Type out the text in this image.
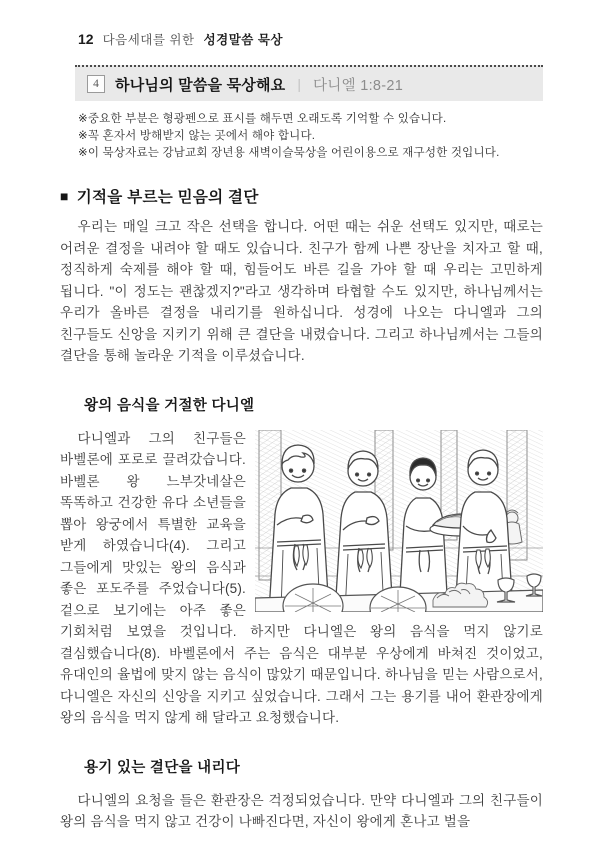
12 다음세대를 위한 성경말씀 묵상
4	하나님의 말씀을 묵상해요 | 다니엘 1:8-21
※중요한 부분은 형광펜으로 표시를 해두면 오래도록 기억할 수 있습니다.
※꼭 혼자서 방해받지 않는 곳에서 해야 합니다.
※이 묵상자료는 강남교회 장년용 새벽이슬묵상을 어린이용으로 재구성한 것입니다.
■ 기적을 부르는 믿음의 결단

우리는 매일 크고 작은 선택을 합니다. 어떤 때는 쉬운 선택도 있지만, 때로는 어려운 결정을 내려야 할 때도 있습니다. 친구가 함께 나쁜 장난을 치자고 할 때, 정직하게 숙제를 해야 할 때, 힘들어도 바른 길을 가야 할 때 우리는 고민하게 됩니다. "이 정도는 괜찮겠지?"라고 생각하며 타협할 수도 있지만, 하나님께서는 우리가 올바른 결정을 내리기를 원하십니다. 성경에 나오는 다니엘과 그의 친구들도 신앙을 지키기 위해 큰 결단을 내렸습니다. 그리고 하나님께서는 그들의 결단을 통해 놀라운 기적을 이루셨습니다.

왕의 음식을 거절한 다니엘

다니엘과 그의 친구들은 바벨론에 포로로 끌려갔습니다. 바벨론 왕 느부갓네살은 똑똑하고 건강한 유다 소년들을 뽑아 왕궁에서 특별한 교육을 받게 하였습니다(4). 그리고 그들에게 맛있는 왕의 음식과 좋은 포도주를 주었습니다(5). 겉으로 보기에는 아주 좋은 기회처럼 보였을 것입니다. 하지만 다니엘은 왕의 음식을 먹지 않기로 결심했습니다(8). 바벨론에서 주는 음식은 대부분 우상에게 바쳐진 것이었고, 유대인의 율법에 맞지 않는 음식이 많았기 때문입니다. 하나님을 믿는 사람으로서, 다니엘은 자신의 신앙을 지키고 싶었습니다. 그래서 그는 용기를 내어 환관장에게 왕의 음식을 먹지 않게 해 달라고 요청했습니다.

용기 있는 결단을 내리다

다니엘의 요청을 들은 환관장은 걱정되었습니다. 만약 다니엘과 그의 친구들이 왕의 음식을 먹지 않고 건강이 나빠진다면, 자신이 왕에게 혼나고 벌을
